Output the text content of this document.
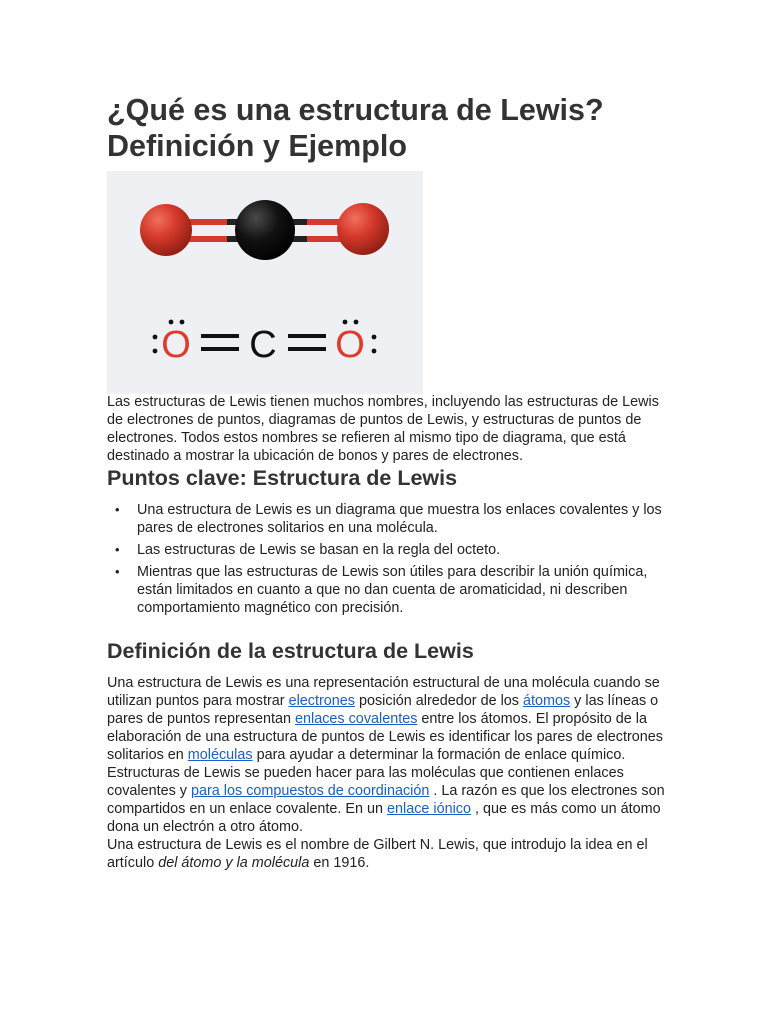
¿Qué es una estructura de Lewis?
Definición y Ejemplo
O C O

Las estructuras de Lewis tienen muchos nombres, incluyendo las estructuras de Lewis de electrones de puntos, diagramas de puntos de Lewis, y estructuras de puntos de electrones. Todos estos nombres se refieren al mismo tipo de diagrama, que está destinado a mostrar la ubicación de bonos y pares de electrones.

Puntos clave: Estructura de Lewis
• Una estructura de Lewis es un diagrama que muestra los enlaces covalentes y los pares de electrones solitarios en una molécula.
• Las estructuras de Lewis se basan en la regla del octeto.
• Mientras que las estructuras de Lewis son útiles para describir la unión química, están limitados en cuanto a que no dan cuenta de aromaticidad, ni describen comportamiento magnético con precisión.
Definición de la estructura de Lewis
Una estructura de Lewis es una representación estructural de una molécula cuando se utilizan puntos para mostrar electrones posición alrededor de los átomos y las líneas o pares de puntos representan enlaces covalentes entre los átomos. El propósito de la elaboración de una estructura de puntos de Lewis es identificar los pares de electrones solitarios en moléculas para ayudar a determinar la formación de enlace químico. Estructuras de Lewis se pueden hacer para las moléculas que contienen enlaces covalentes y para los compuestos de coordinación . La razón es que los electrones son compartidos en un enlace covalente. En un enlace iónico , que es más como un átomo dona un electrón a otro átomo.
Una estructura de Lewis es el nombre de Gilbert N. Lewis, que introdujo la idea en el artículo del átomo y la molécula en 1916.
